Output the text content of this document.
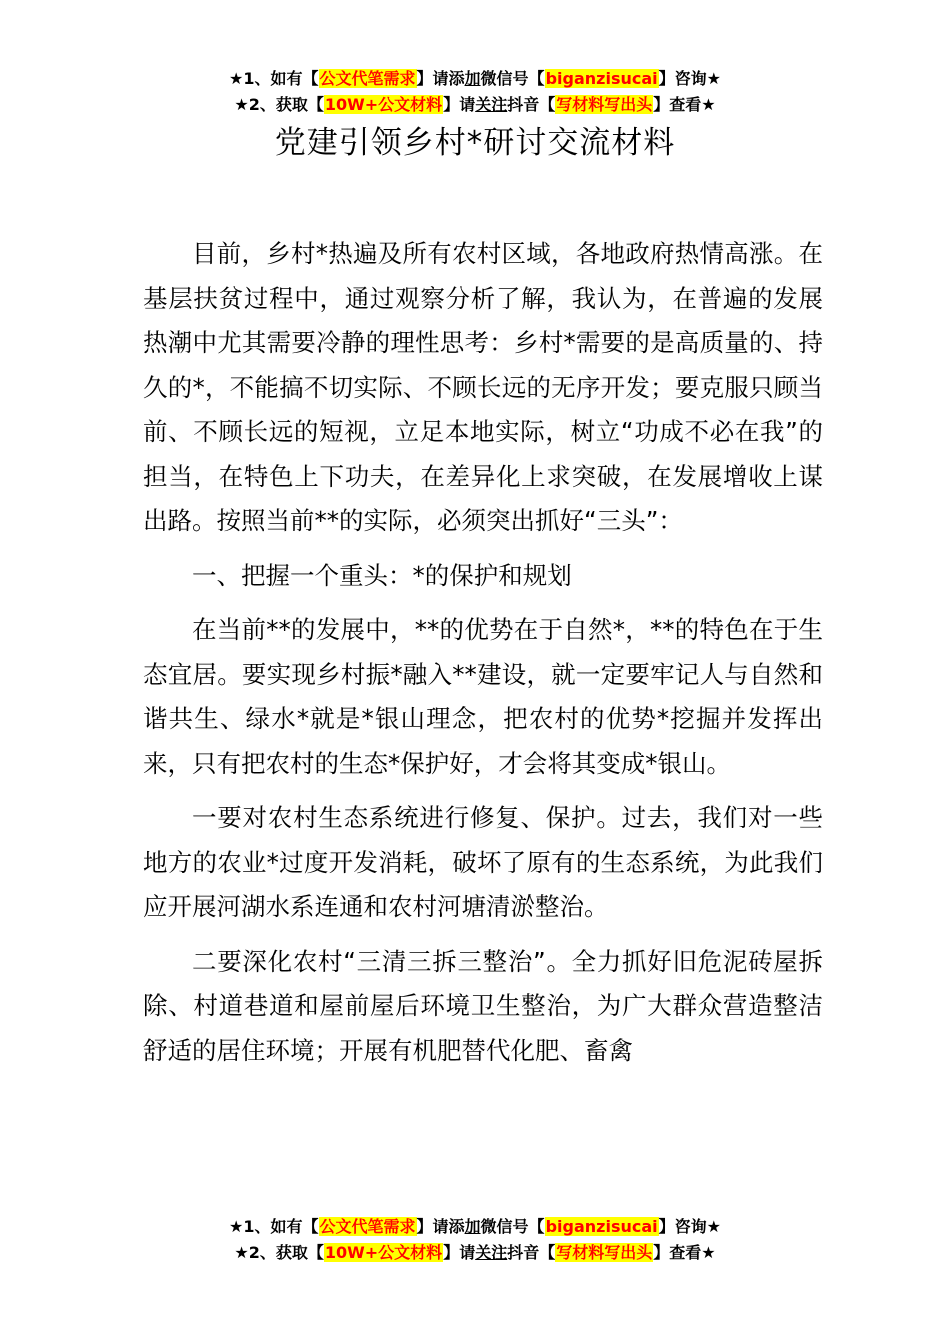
★1、如有【公文代笔需求】请添加微信号【biganzisucai】咨询★
★2、获取【10W+公文材料】请关注抖音【写材料写出头】查看★
党建引领乡村*研讨交流材料

目前，乡村*热遍及所有农村区域，各地政府热情高涨。在基层扶贫过程中，通过观察分析了解，我认为，在普遍的发展热潮中尤其需要冷静的理性思考：乡村*需要的是高质量的、持久的*，不能搞不切实际、不顾长远的无序开发；要克服只顾当前、不顾长远的短视，立足本地实际，树立“功成不必在我”的担当，在特色上下功夫，在差异化上求突破，在发展增收上谋出路。按照当前**的实际，必须突出抓好“三头”：

一、把握一个重头：*的保护和规划

在当前**的发展中，**的优势在于自然*，**的特色在于生态宜居。要实现乡村振*融入**建设，就一定要牢记人与自然和谐共生、绿水*就是*银山理念，把农村的优势*挖掘并发挥出来，只有把农村的生态*保护好，才会将其变成*银山。

一要对农村生态系统进行修复、保护。过去，我们对一些地方的农业*过度开发消耗，破坏了原有的生态系统，为此我们应开展河湖水系连通和农村河塘清淤整治。

二要深化农村“三清三拆三整治”。全力抓好旧危泥砖屋拆除、村道巷道和屋前屋后环境卫生整治，为广大群众营造整洁舒适的居住环境；开展有机肥替代化肥、畜禽

★1、如有【公文代笔需求】请添加微信号【biganzisucai】咨询★
★2、获取【10W+公文材料】请关注抖音【写材料写出头】查看★
